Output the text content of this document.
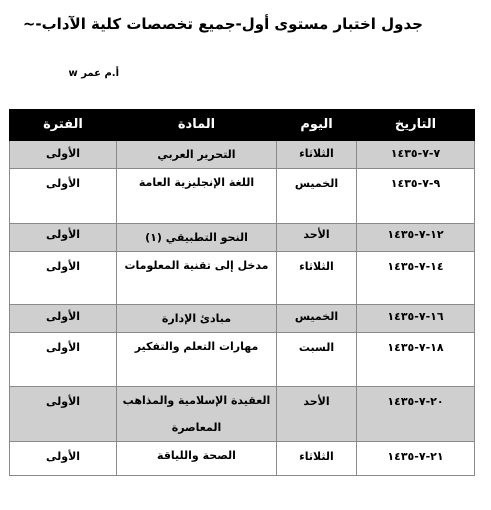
جدول اختبار مستوى أول-جميع تخصصات كلية الآداب-~
أ.م عمر w
التاريخ	اليوم	المادة	الفترة
٧-٧-١٤٣٥	الثلاثاء	التحرير العربي	الأولى
٩-٧-١٤٣٥	الخميس	اللغة الإنجليزية العامة	الأولى
١٢-٧-١٤٣٥	الأحد	النحو التطبيقي (١)	الأولى
١٤-٧-١٤٣٥	الثلاثاء	مدخل إلى تقنية المعلومات	الأولى
١٦-٧-١٤٣٥	الخميس	مبادئ الإدارة	الأولى
١٨-٧-١٤٣٥	السبت	مهارات التعلم والتفكير	الأولى
٢٠-٧-١٤٣٥	الأحد	العقيدة الإسلامية والمذاهب المعاصرة	الأولى
٢١-٧-١٤٣٥	الثلاثاء	الصحة واللياقة	الأولى
